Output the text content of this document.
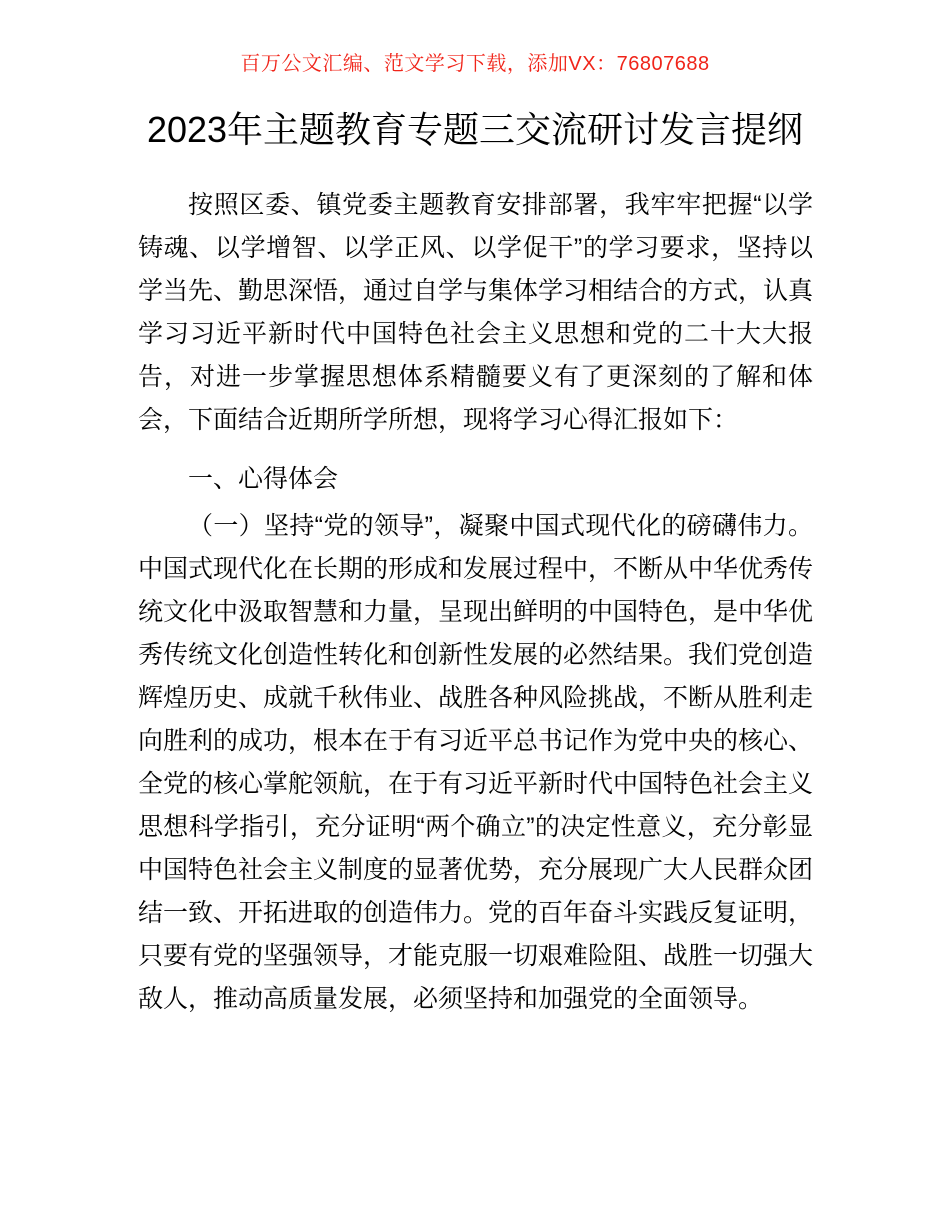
百万公文汇编、范文学习下载，添加VX：76807688
2023年主题教育专题三交流研讨发言提纲

按照区委、镇党委主题教育安排部署，我牢牢把握“以学铸魂、以学增智、以学正风、以学促干”的学习要求，坚持以学当先、勤思深悟，通过自学与集体学习相结合的方式，认真学习习近平新时代中国特色社会主义思想和党的二十大大报告，对进一步掌握思想体系精髓要义有了更深刻的了解和体会，下面结合近期所学所想，现将学习心得汇报如下：

一、心得体会

（一）坚持“党的领导”，凝聚中国式现代化的磅礴伟力。中国式现代化在长期的形成和发展过程中，不断从中华优秀传统文化中汲取智慧和力量，呈现出鲜明的中国特色，是中华优秀传统文化创造性转化和创新性发展的必然结果。我们党创造辉煌历史、成就千秋伟业、战胜各种风险挑战，不断从胜利走向胜利的成功，根本在于有习近平总书记作为党中央的核心、全党的核心掌舵领航，在于有习近平新时代中国特色社会主义思想科学指引，充分证明“两个确立”的决定性意义，充分彰显中国特色社会主义制度的显著优势，充分展现广大人民群众团结一致、开拓进取的创造伟力。党的百年奋斗实践反复证明，只要有党的坚强领导，才能克服一切艰难险阻、战胜一切强大敌人，推动高质量发展，必须坚持和加强党的全面领导。
